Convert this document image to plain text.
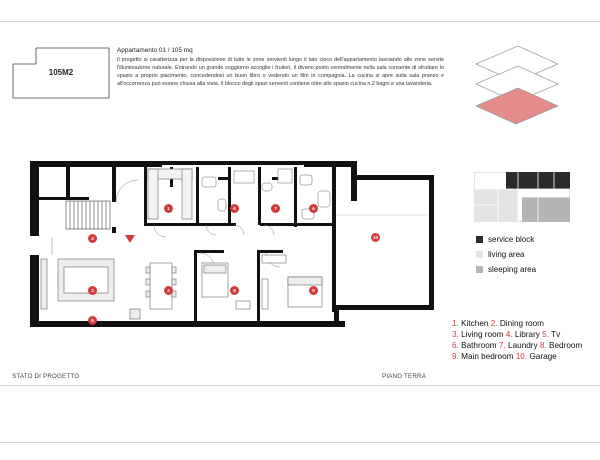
105M2

Appartamento 01 / 105 mq

Il progetto si caratterizza per la disposizione di tutte le zone servienti lungo il lato cieco dell'appartamento lasciando alle zone servite l'illuminazione naturale. Entrando un grande soggiorno accoglie i fruitori, il divano posto centralmente nella sala consente di sfruttare lo spazio a proprio piacimento, concedendosi un buon libro o vedendo un film in compagnia. La cucina si apre sulla sala pranzo e all'occorrenza può essere chiusa alla vista. Il blocco degli spazi serventi contiene oltre allo spazio cucina n.2 bagni e una lavanderia.

1
2
3
4
5
6	6
7
8	9
10	service block
living area
sleeping area
1. Kitchen 2. Dining room
3. Living room 4. Library 5. Tv
6. Bathroom 7. Laundry 8. Bedroom
9. Main bedroom 10. Garage
STATO DI PROGETTO	PIANO TERRA
